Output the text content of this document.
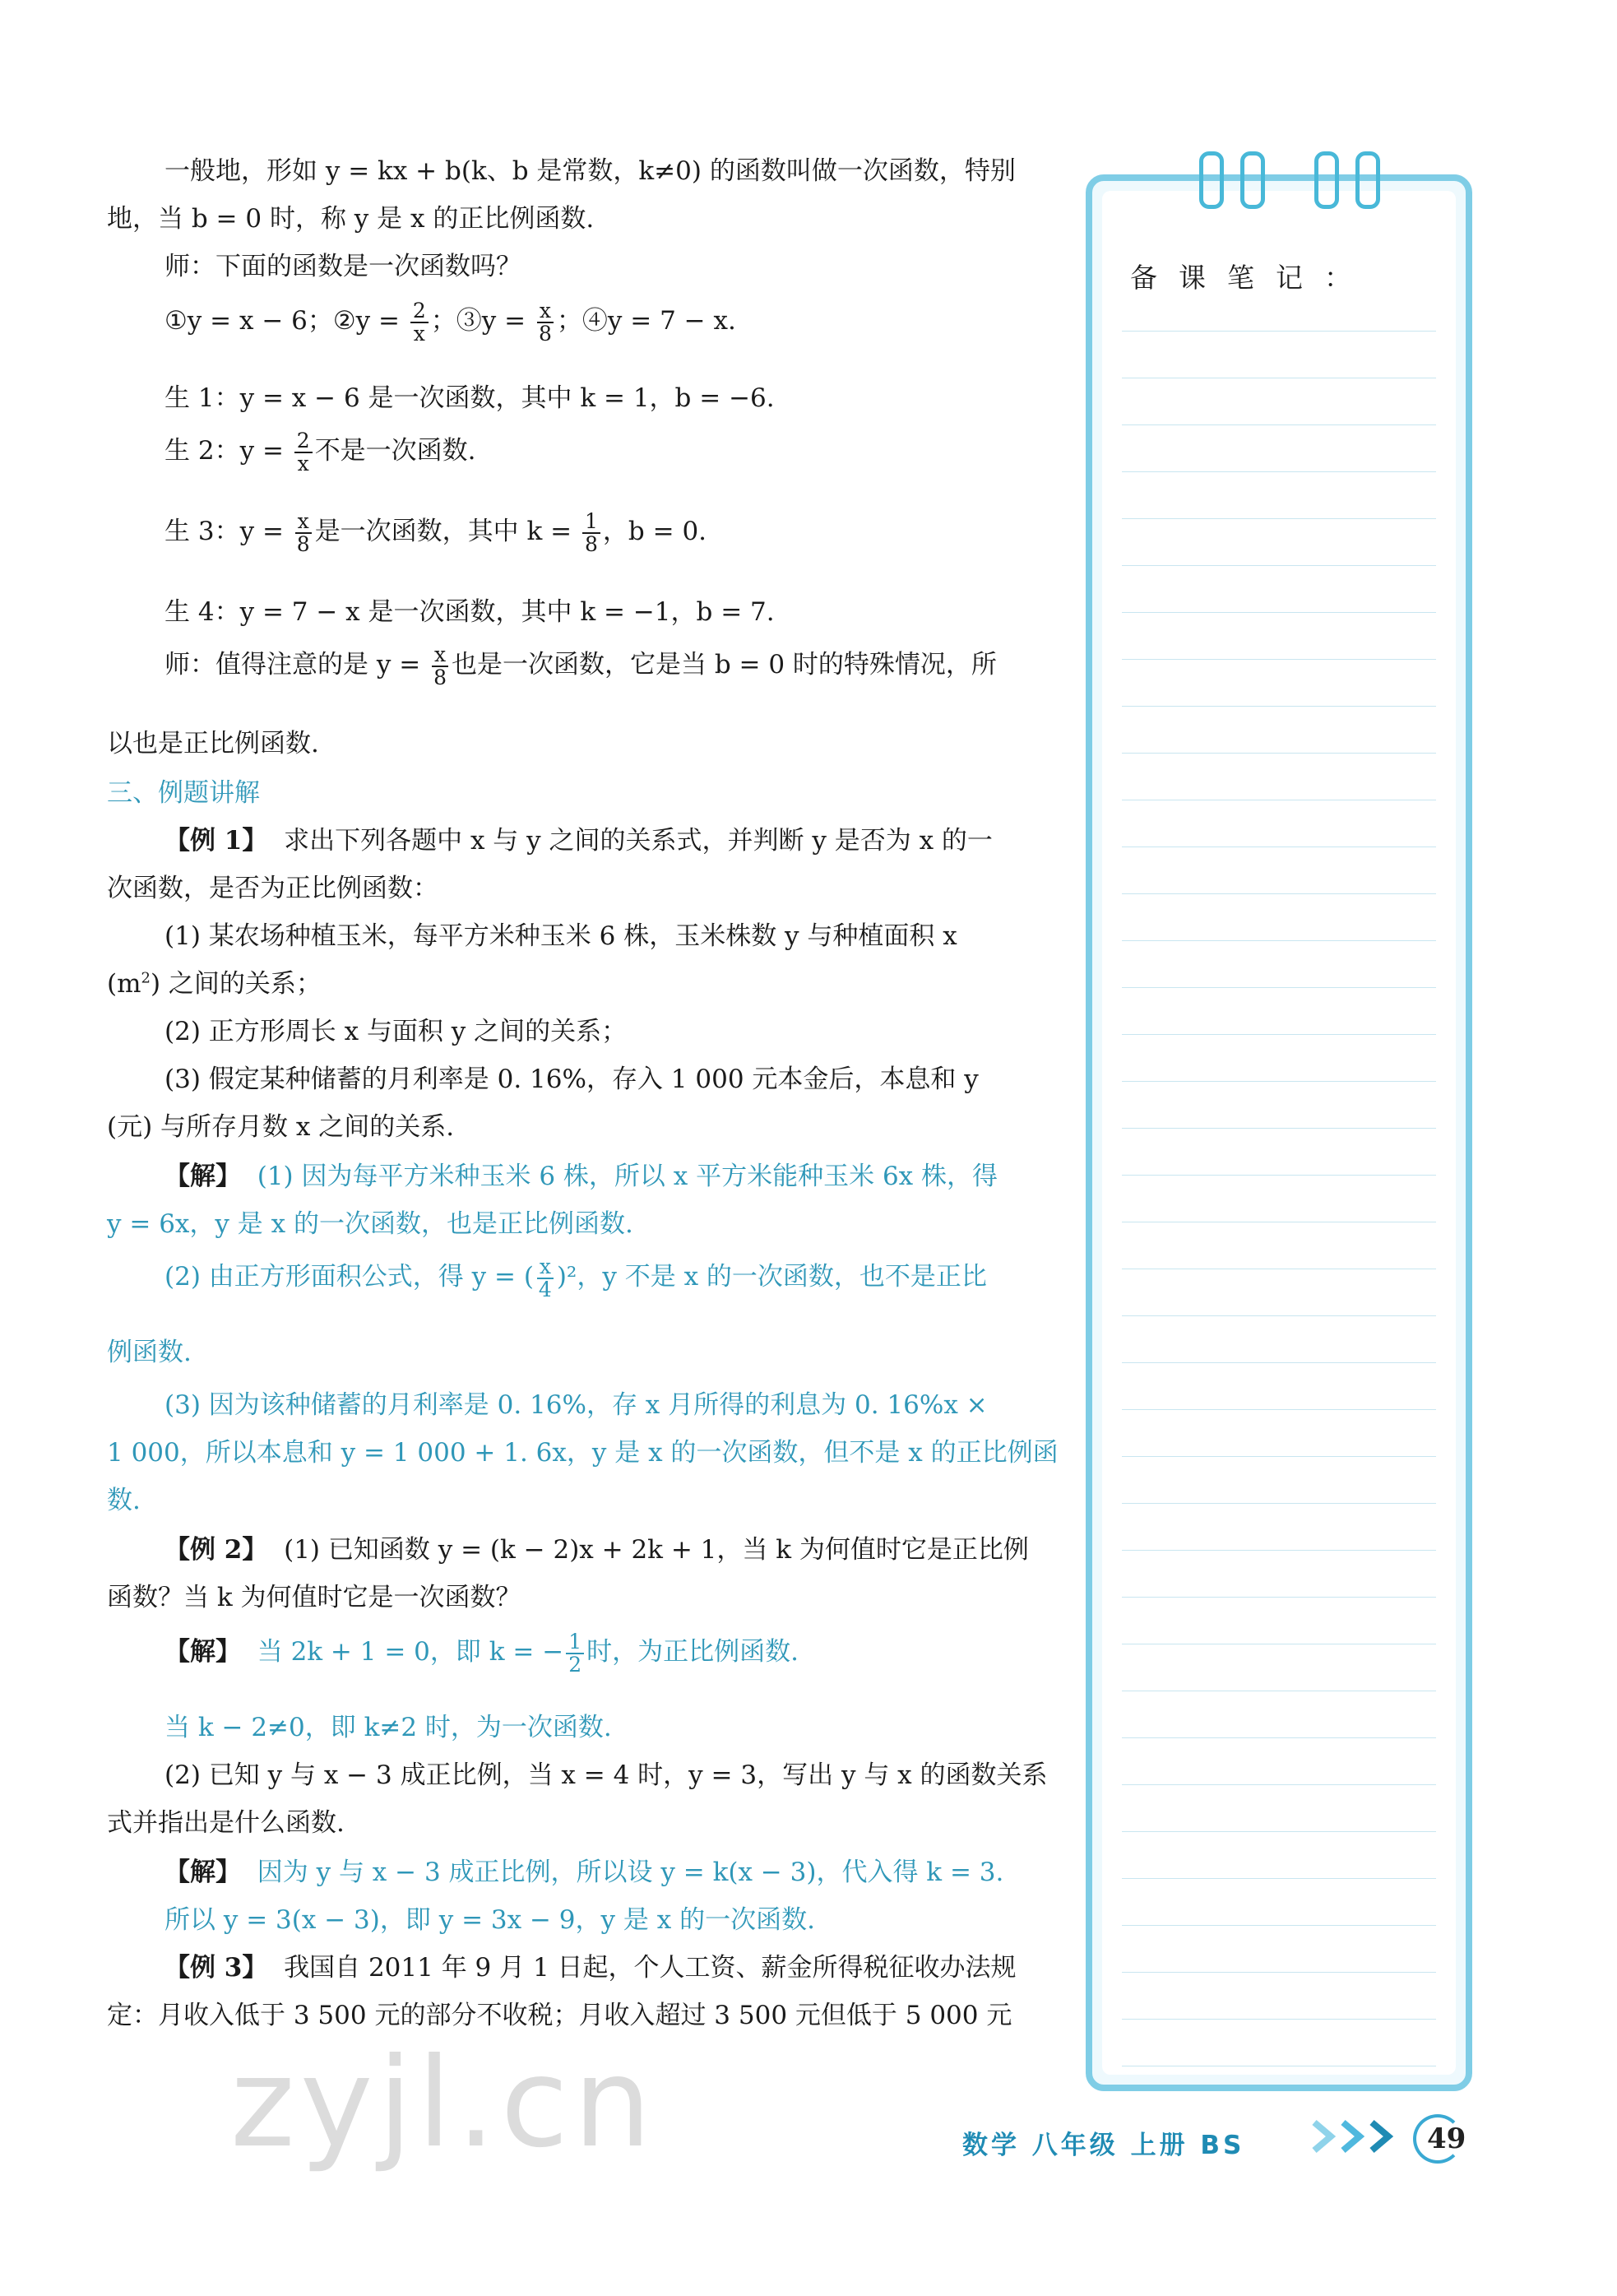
一般地，形如 y = kx + b(k、b 是常数，k≠0) 的函数叫做一次函数，特别
地，当 b = 0 时，称 y 是 x 的正比例函数.
师：下面的函数是一次函数吗？
①y = x − 6；②y = $\frac{2}{x}$ ；③y = $\frac{x}{8}$ ；④y = 7 − x.
生 1：y = x − 6 是一次函数，其中 k = 1，b = −6.
生 2：$y = \frac{2}{x}$ 不是一次函数.
生 3：$y = \frac{x}{8}$ 是一次函数，其中 $k = \frac{1}{8}$ ，b = 0.
生 4：y = 7 − x 是一次函数，其中 k = −1，b = 7.
师：值得注意的是 $y = \frac{x}{8}$ 也是一次函数，它是当 b = 0 时的特殊情况，所
以也是正比例函数.
三、例题讲解
【例 1】 求出下列各题中 x 与 y 之间的关系式，并判断 y 是否为 x 的一
次函数，是否为正比例函数：
(1) 某农场种植玉米，每平方米种玉米 6 株，玉米株数 y 与种植面积 x
$(m^2)$ 之间的关系；
(2) 正方形周长 x 与面积 y 之间的关系；
(3) 假定某种储蓄的月利率是 0. 16%，存入 1 000 元本金后，本息和 y
(元) 与所存月数 x 之间的关系.
【解】 (1) 因为每平方米种玉米 6 株，所以 x 平方米能种玉米 6x 株，得
y = 6x，y 是 x 的一次函数，也是正比例函数.
(2) 由正方形面积公式，得 y = ( $\frac{x}{4} )^2$，y 不是 x 的一次函数，也不是正比
例函数.
(3) 因为该种储蓄的月利率是 0. 16%，存 x 月所得的利息为 0. 16%x ×
1 000，所以本息和 y = 1 000 + 1. 6x，y 是 x 的一次函数，但不是 x 的正比例函
数.
【例 2】 (1) 已知函数 y = (k − 2)x + 2k + 1，当 k 为何值时它是正比例
函数？当 k 为何值时它是一次函数？
【解】 当 2k + 1 = 0，即 k = − $\frac{1}{2}$ 时，为正比例函数.
当 k − 2≠0，即 k≠2 时，为一次函数.
(2) 已知 y 与 x − 3 成正比例，当 x = 4 时，y = 3，写出 y 与 x 的函数关系
式并指出是什么函数.
【解】 因为 y 与 x − 3 成正比例，所以设 y = k(x − 3)，代入得 k = 3.
所以 y = 3(x − 3)，即 y = 3x − 9，y 是 x 的一次函数.
【例 3】 我国自 2011 年 9 月 1 日起，个人工资、薪金所得税征收办法规
定：月收入低于 3 500 元的部分不收税；月收入超过 3 500 元但低于 5 000 元
备课笔记：
数学 八年级 上册 BS	49
zyjl.cn
